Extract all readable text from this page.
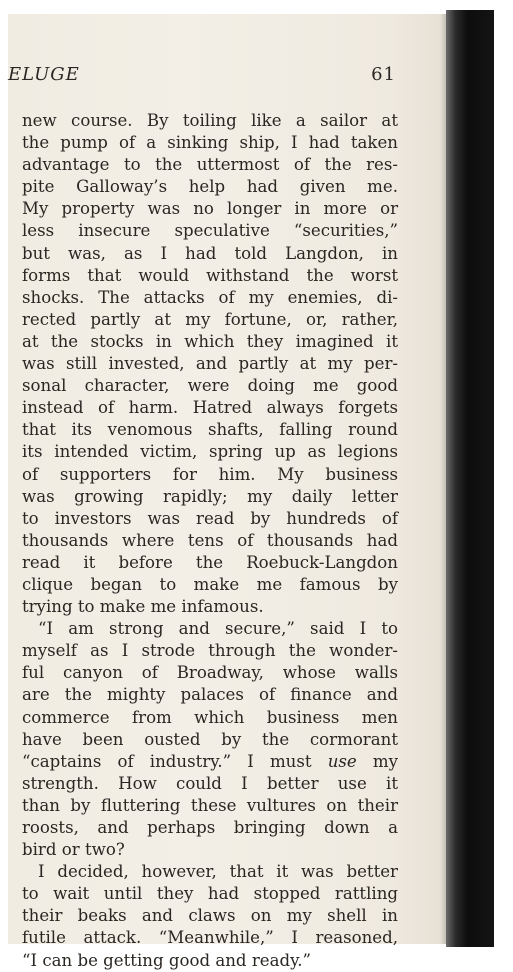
ELUGE	61
new course. By toiling like a sailor at
the pump of a sinking ship, I had taken
advantage to the uttermost of the res-
pite Galloway’s help had given me.
My property was no longer in more or
less insecure speculative “securities,”
but was, as I had told Langdon, in
forms that would withstand the worst
shocks. The attacks of my enemies, di-
rected partly at my fortune, or, rather,
at the stocks in which they imagined it
was still invested, and partly at my per-
sonal character, were doing me good
instead of harm. Hatred always forgets
that its venomous shafts, falling round
its intended victim, spring up as legions
of supporters for him. My business
was growing rapidly; my daily letter
to investors was read by hundreds of
thousands where tens of thousands had
read it before the Roebuck-Langdon
clique began to make me famous by
trying to make me infamous.
“I am strong and secure,” said I to
myself as I strode through the wonder-
ful canyon of Broadway, whose walls
are the mighty palaces of finance and
commerce from which business men
have been ousted by the cormorant
“captains of industry.” I must use my
strength. How could I better use it
than by fluttering these vultures on their
roosts, and perhaps bringing down a
bird or two?
I decided, however, that it was better
to wait until they had stopped rattling
their beaks and claws on my shell in
futile attack. “Meanwhile,” I reasoned,
“I can be getting good and ready.”
